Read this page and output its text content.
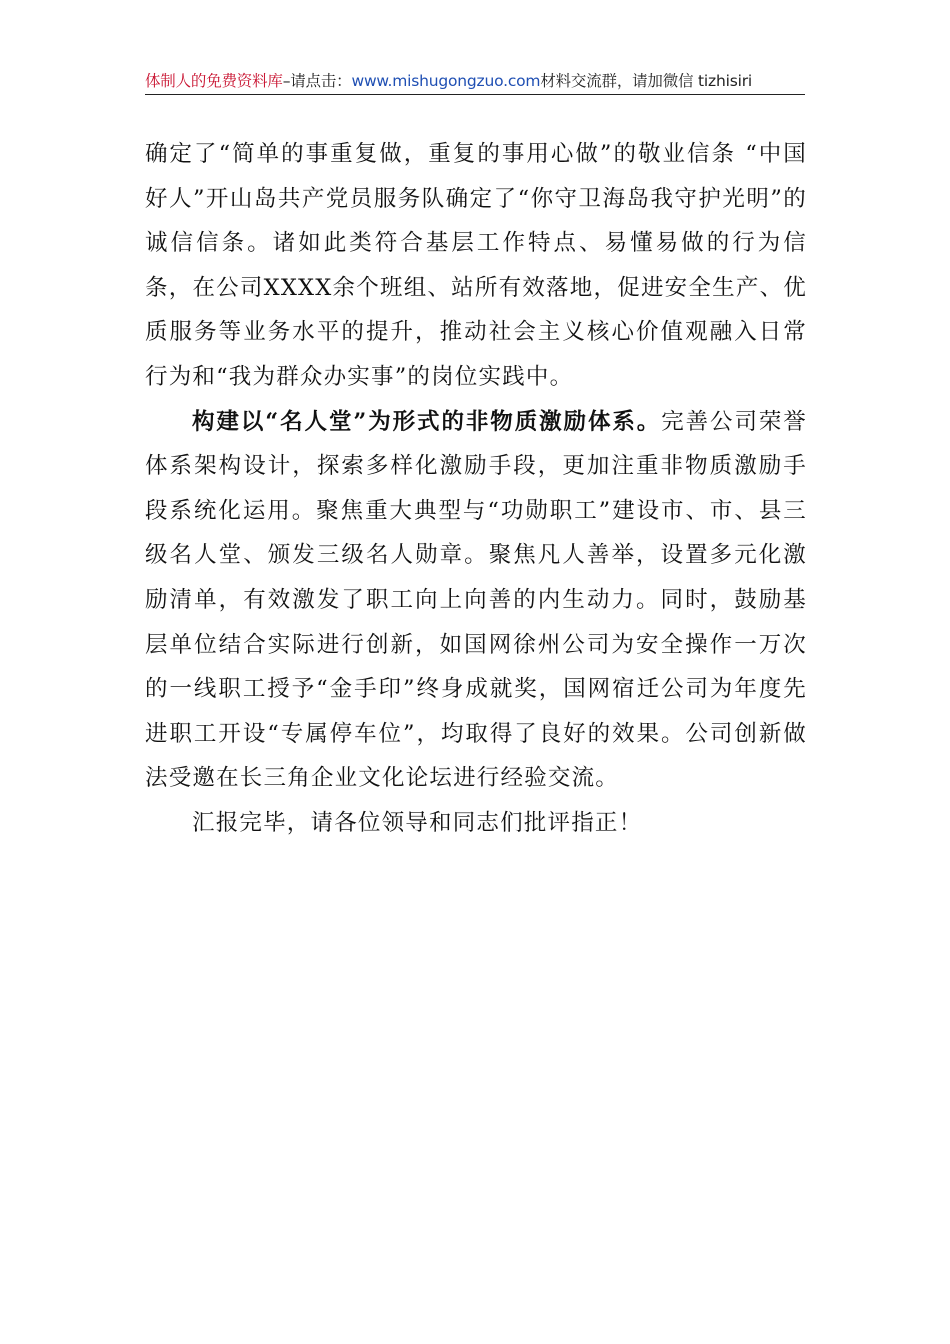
体制人的免费资料库–请点击：www.mishugongzuo.com材料交流群，请加微信 tizhisiri

确定了“简单的事重复做，重复的事用心做”的敬业信条 “中国好人”开山岛共产党员服务队确定了“你守卫海岛我守护光明”的诚信信条。诸如此类符合基层工作特点、易懂易做的行为信条，在公司XXXX余个班组、站所有效落地，促进安全生产、优质服务等业务水平的提升，推动社会主义核心价值观融入日常行为和“我为群众办实事”的岗位实践中。

构建以“名人堂”为形式的非物质激励体系。完善公司荣誉体系架构设计，探索多样化激励手段，更加注重非物质激励手段系统化运用。聚焦重大典型与“功勋职工”建设市、市、县三级名人堂、颁发三级名人勋章。聚焦凡人善举，设置多元化激励清单，有效激发了职工向上向善的内生动力。同时，鼓励基层单位结合实际进行创新，如国网徐州公司为安全操作一万次的一线职工授予“金手印”终身成就奖，国网宿迁公司为年度先进职工开设“专属停车位”，均取得了良好的效果。公司创新做法受邀在长三角企业文化论坛进行经验交流。

汇报完毕，请各位领导和同志们批评指正！
